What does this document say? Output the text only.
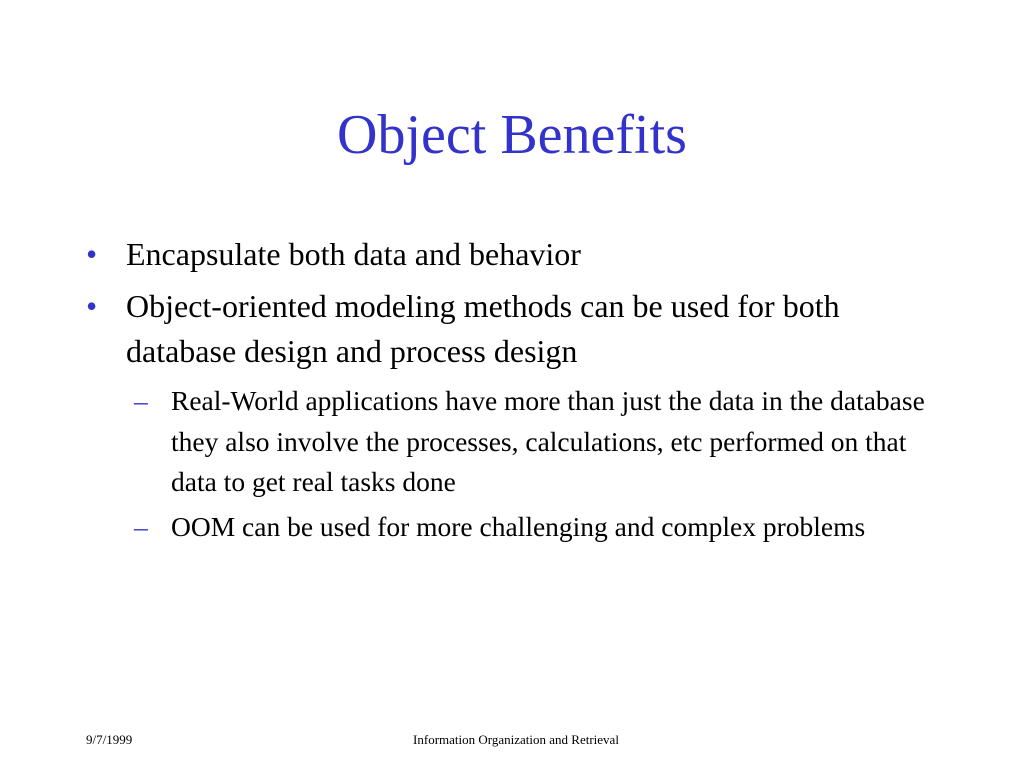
Object Benefits
• Encapsulate both data and behavior
• Object-oriented modeling methods can be used for both database design and process design
– Real-World applications have more than just the data in the database they also involve the processes, calculations, etc performed on that data to get real tasks done
– OOM can be used for more challenging and complex problems
9/7/1999	Information Organization and Retrieval
